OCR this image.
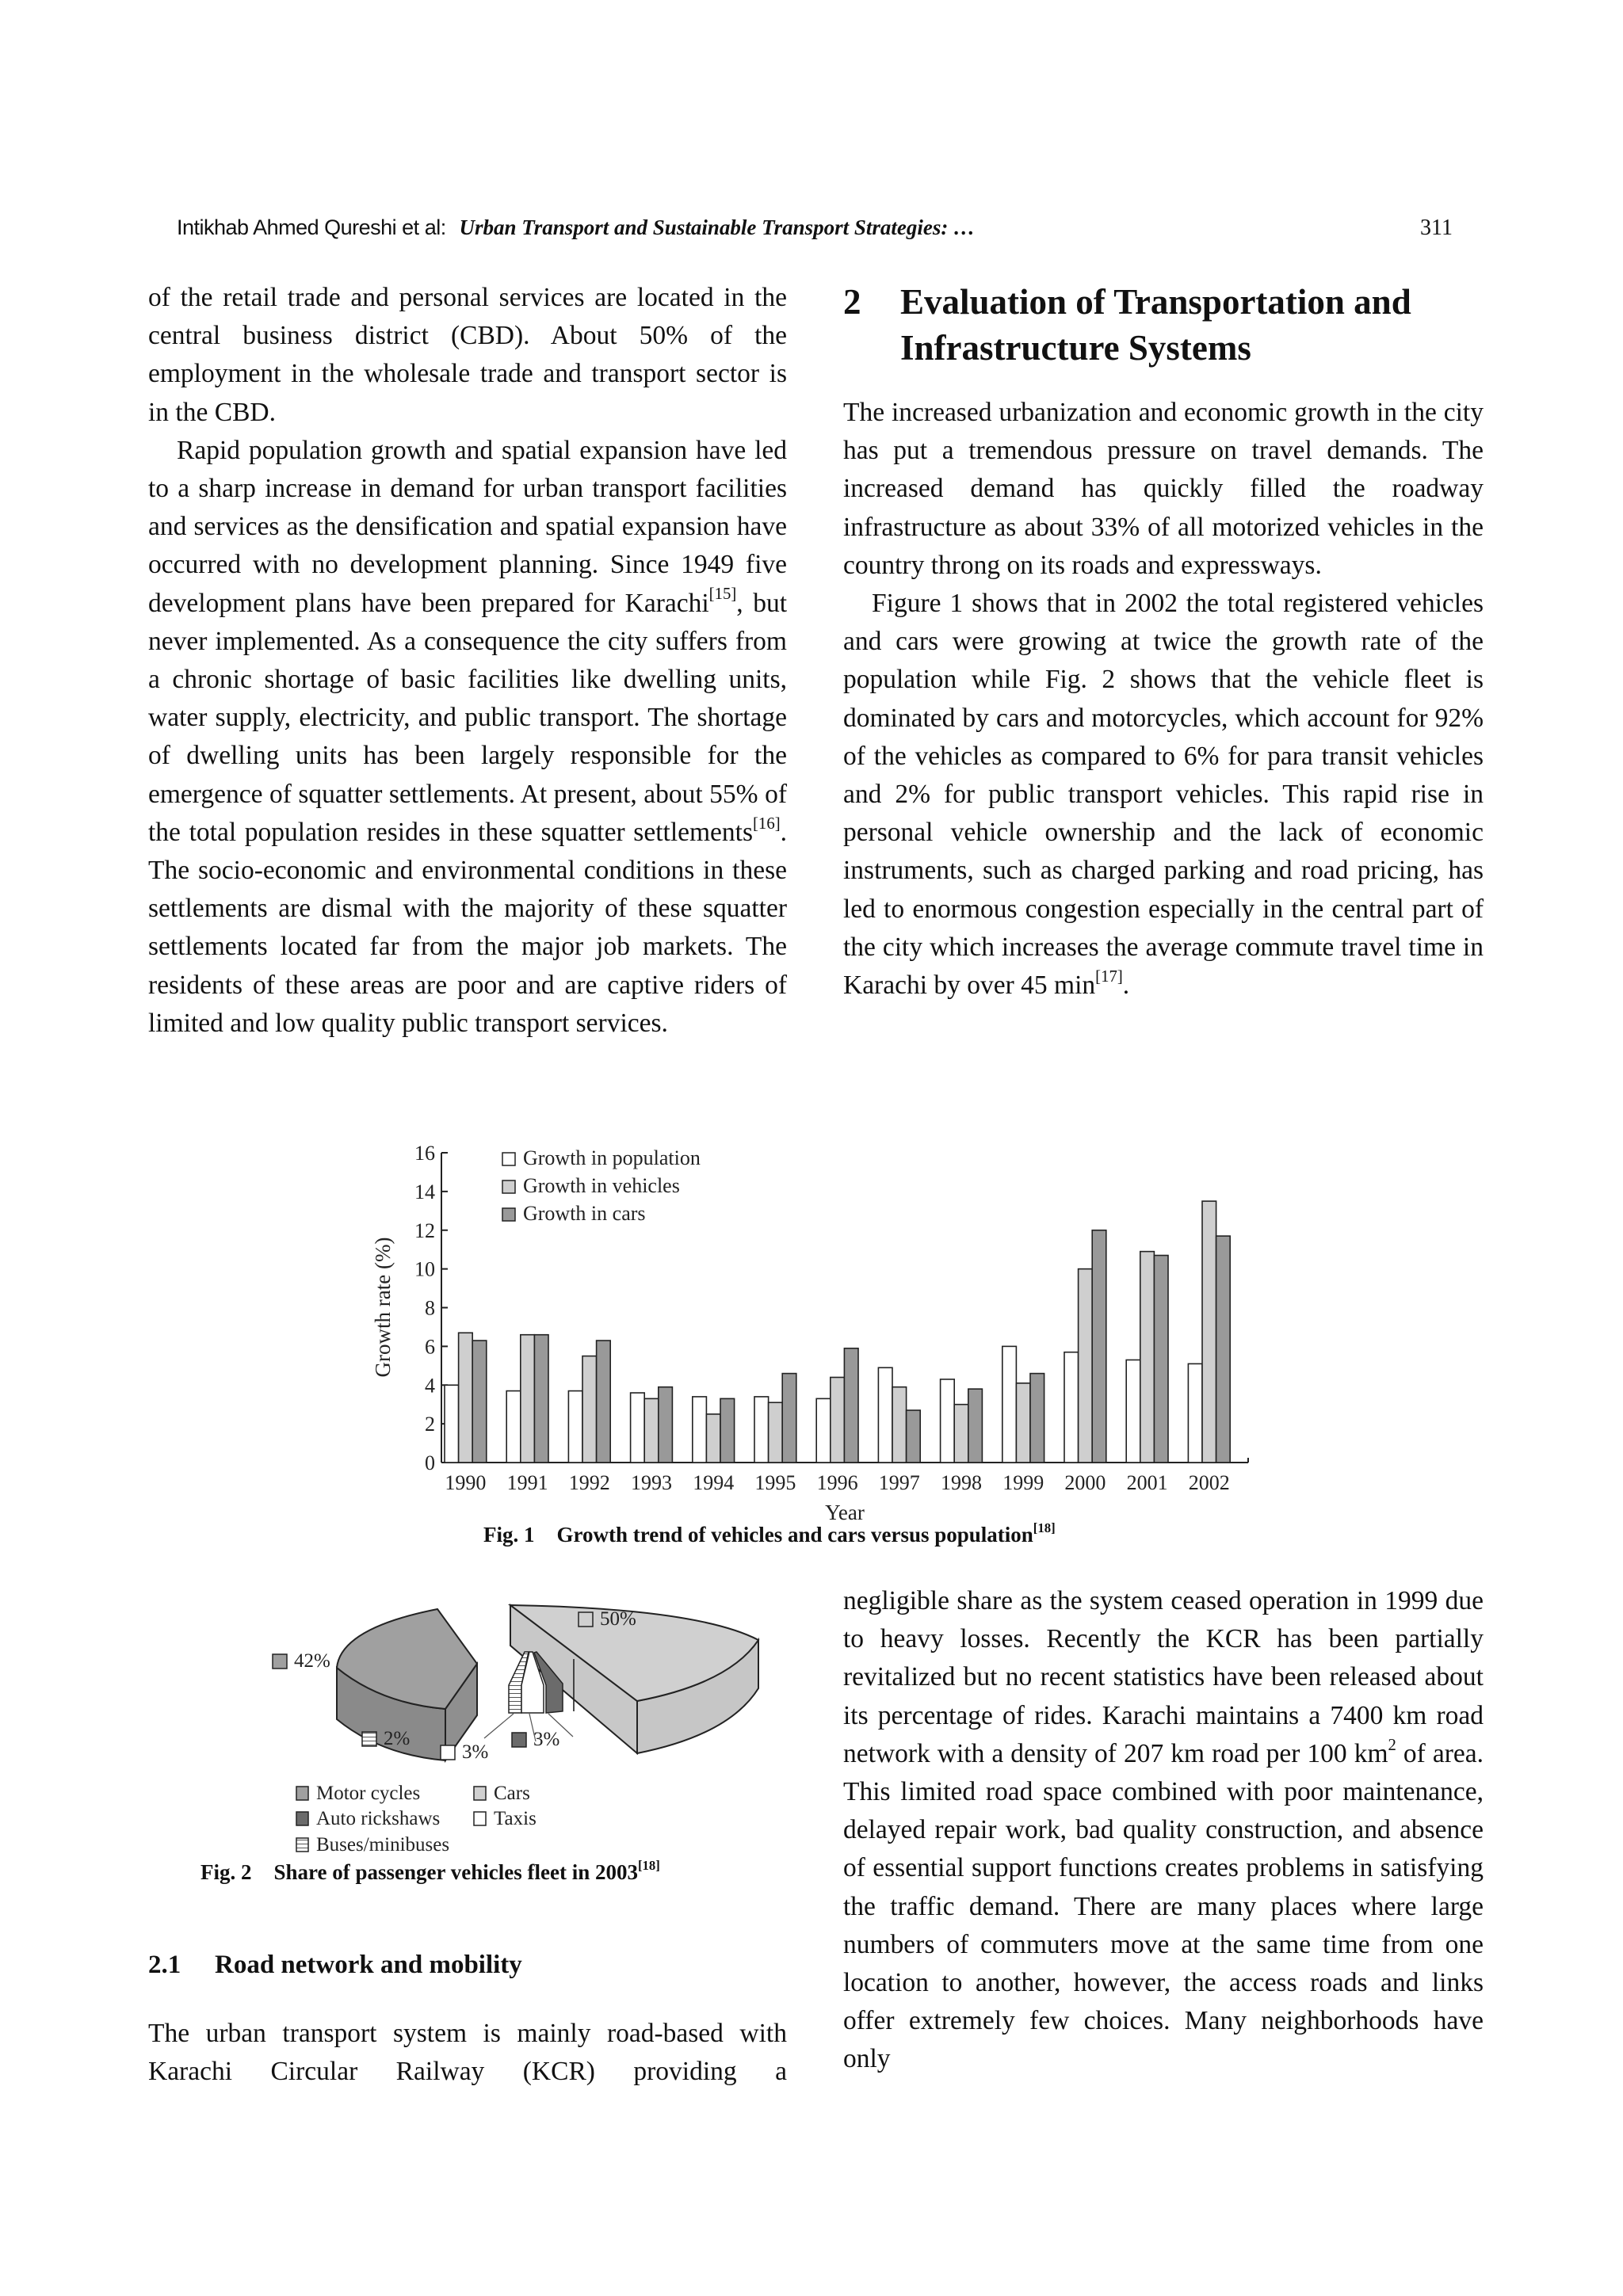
Intikhab Ahmed Qureshi et al: Urban Transport and Sustainable Transport Strategies: …	311

of the retail trade and personal services are located in the central business district (CBD). About 50% of the employment in the wholesale trade and transport sector is in the CBD.

Rapid population growth and spatial expansion have led to a sharp increase in demand for urban transport facilities and services as the densification and spatial expansion have occurred with no development planning. Since 1949 five development plans have been prepared for Karachi[15], but never implemented. As a consequence the city suffers from a chronic shortage of basic facilities like dwelling units, water supply, electricity, and public transport. The shortage of dwelling units has been largely responsible for the emergence of squatter settlements. At present, about 55% of the total population resides in these squatter settlements[16]. The socio-economic and environmental conditions in these settlements are dismal with the majority of these squatter settlements located far from the major job markets. The residents of these areas are poor and are captive riders of limited and low quality public transport services.

2 Evaluation of Transportation and
Infrastructure Systems

The increased urbanization and economic growth in the city has put a tremendous pressure on travel demands. The increased demand has quickly filled the roadway infrastructure as about 33% of all motorized vehicles in the country throng on its roads and expressways.

Figure 1 shows that in 2002 the total registered vehicles and cars were growing at twice the growth rate of the population while Fig. 2 shows that the vehicle fleet is dominated by cars and motorcycles, which account for 92% of the vehicles as compared to 6% for para transit vehicles and 2% for public transport vehicles. This rapid rise in personal vehicle ownership and the lack of economic instruments, such as charged parking and road pricing, has led to enormous congestion especially in the central part of the city which increases the average commute travel time in Karachi by over 45 min[17].

0
2
4
6
8
10
12
14
16
Growth rate (%)
Year
1990 1991 1992 1993 1994 1995 1996 1997 1998 1999 2000 2001 2002
Growth in population
Growth in vehicles
Growth in cars
Fig. 1 Growth trend of vehicles and cars versus population[18]
50%
42%
2%
3%
3%
Motor cycles	Cars
Auto rickshaws	Taxis
Buses/minibuses
Fig. 2 Share of passenger vehicles fleet in 2003[18]
2.1 Road network and mobility

The urban transport system is mainly road-based with Karachi Circular Railway (KCR) providing a

negligible share as the system ceased operation in 1999 due to heavy losses. Recently the KCR has been partially revitalized but no recent statistics have been released about its percentage of rides. Karachi maintains a 7400 km road network with a density of 207 km road per 100 $km^2$ of area. This limited road space combined with poor maintenance, delayed repair work, bad quality construction, and absence of essential support functions creates problems in satisfying the traffic demand. There are many places where large numbers of commuters move at the same time from one location to another, however, the access roads and links offer extremely few choices. Many neighborhoods have only
